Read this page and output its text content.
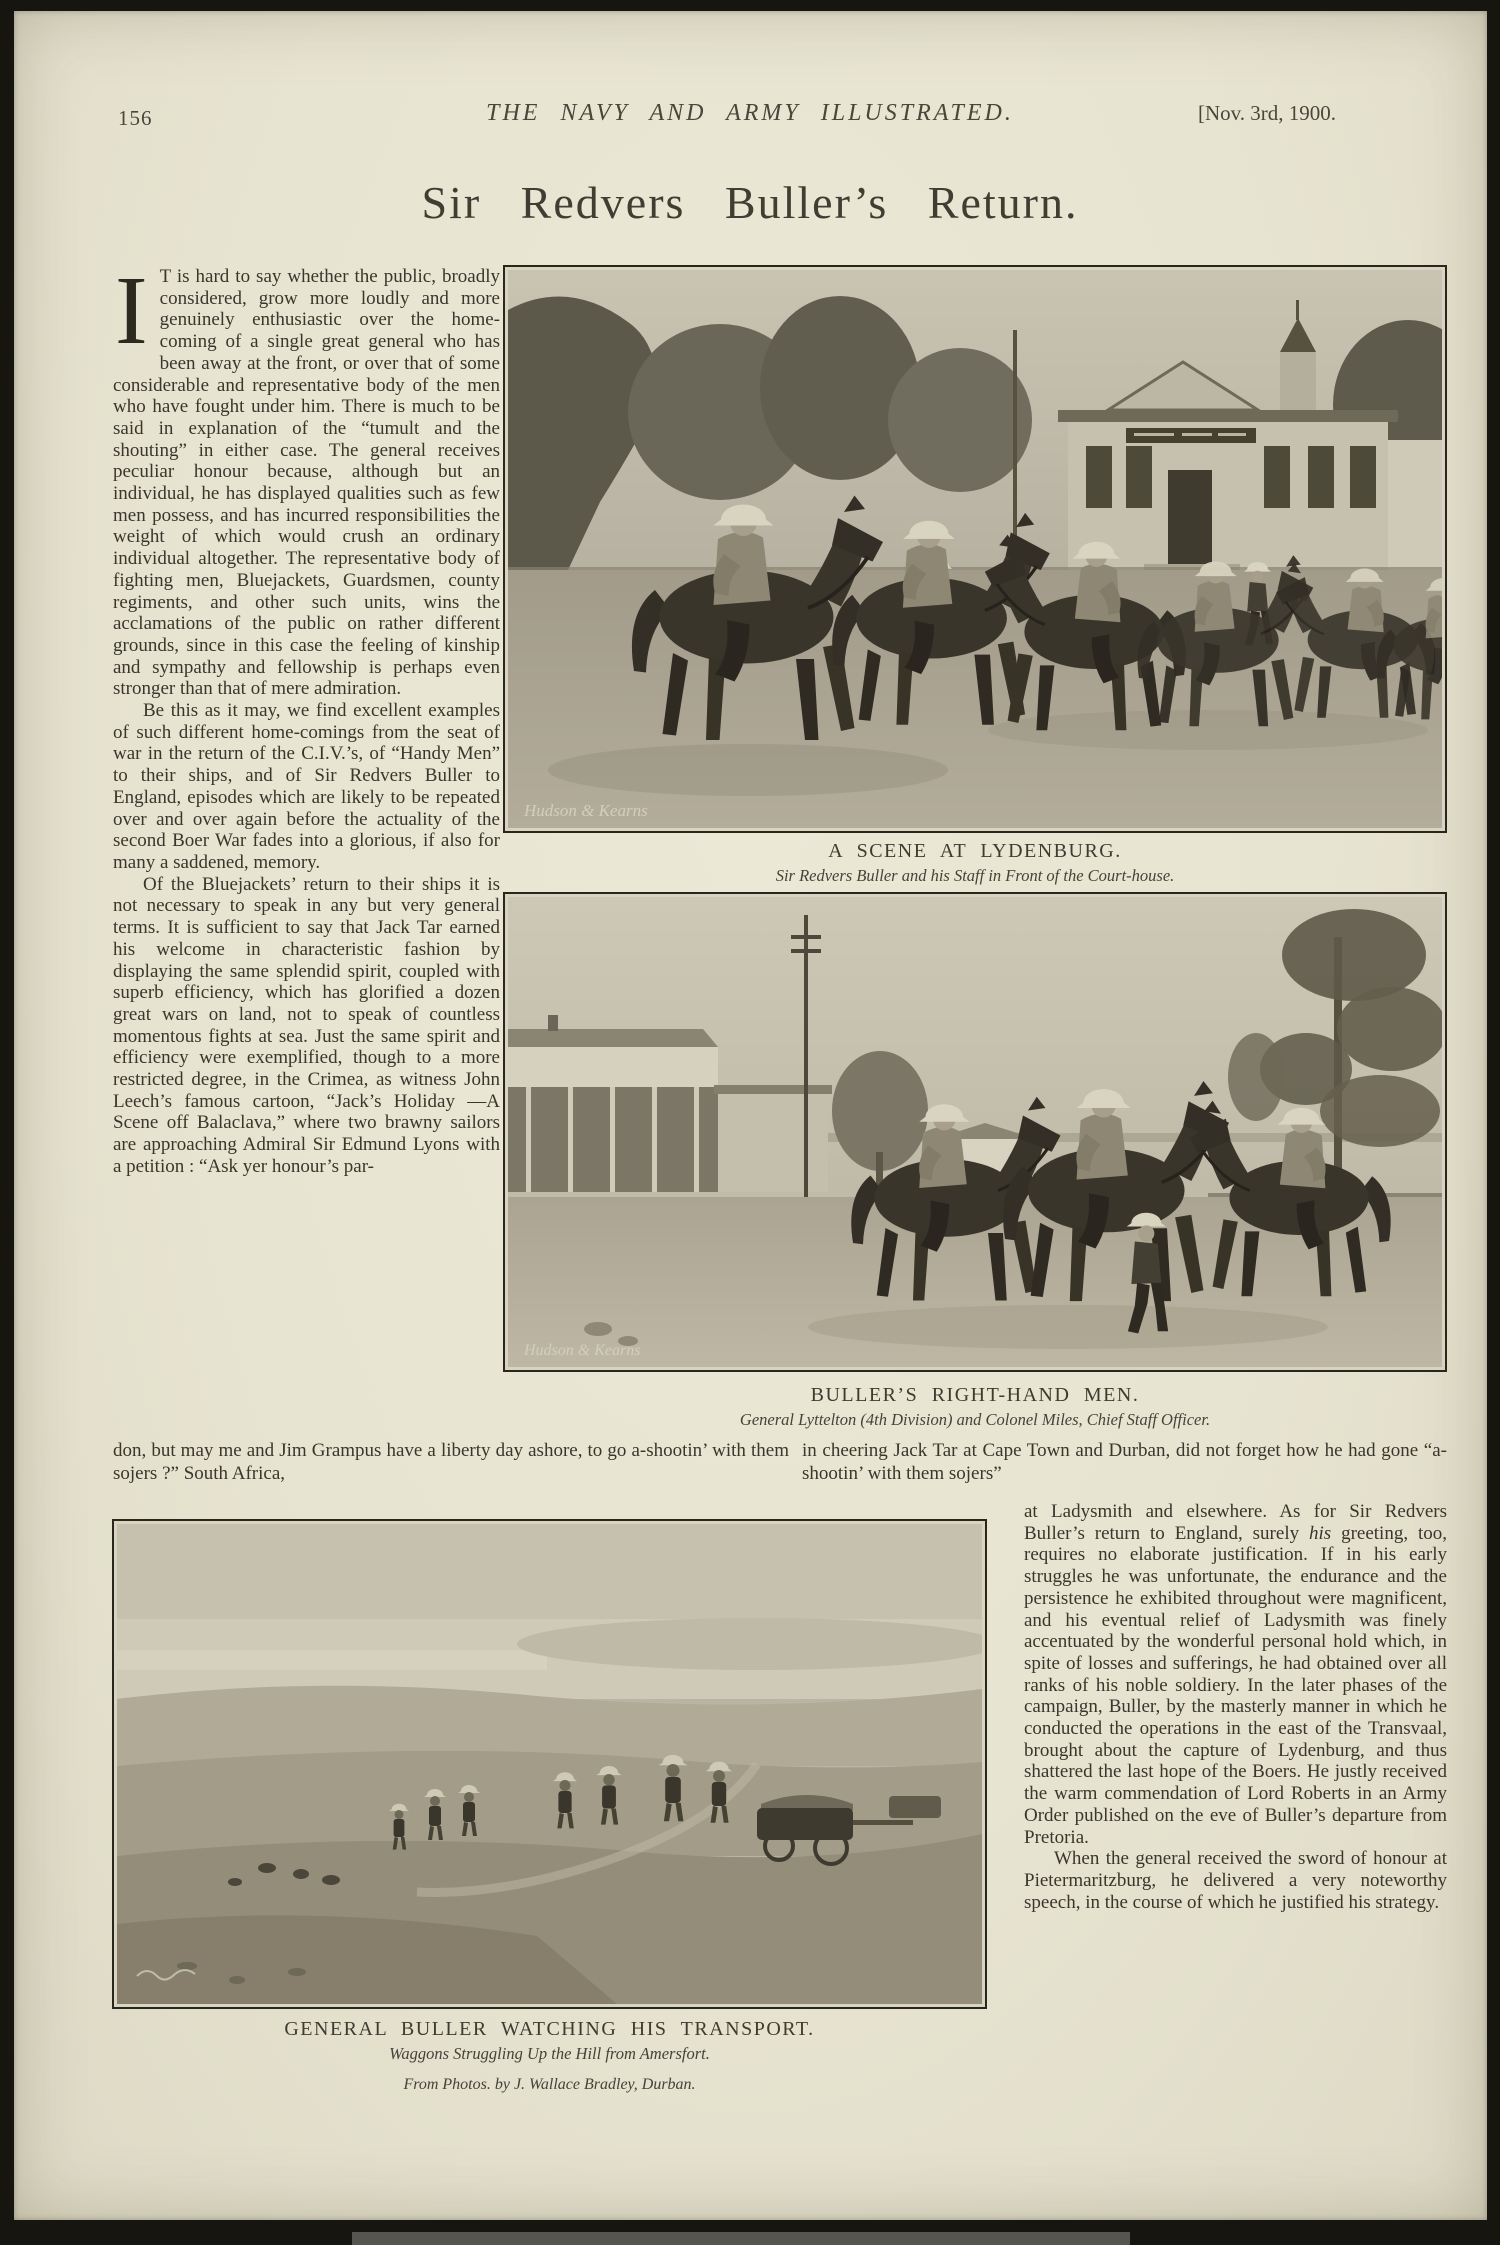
156	THE NAVY AND ARMY ILLUSTRATED.	[Nov. 3rd, 1900.
Sir Redvers Buller’s Return.

I T is hard to say whether the public, broadly considered, grow more loudly and more genuinely enthusiastic over the home-coming of a single great general who has been away at the front, or over that of some considerable and representative body of the men who have fought under him. There is much to be said in explanation of the “tumult and the shouting” in either case. The general receives peculiar honour because, although but an individual, he has displayed qualities such as few men possess, and has incurred responsibilities the weight of which would crush an ordinary individual altogether. The representative body of fighting men, Bluejackets, Guardsmen, county regiments, and other such units, wins the acclamations of the public on rather different grounds, since in this case the feeling of kinship and sympathy and fellowship is perhaps even stronger than that of mere admiration.

Be this as it may, we find excellent examples of such different home-comings from the seat of war in the return of the C.I.V.’s, of “Handy Men” to their ships, and of Sir Redvers Buller to England, episodes which are likely to be repeated over and over again before the actuality of the second Boer War fades into a glorious, if also for many a saddened, memory.

Of the Bluejackets’ return to their ships it is not necessary to speak in any but very general terms. It is sufficient to say that Jack Tar earned his welcome in characteristic fashion by displaying the same splendid spirit, coupled with superb efficiency, which has glorified a dozen great wars on land, not to speak of countless momentous fights at sea. Just the same spirit and efficiency were exemplified, though to a more restricted degree, in the Crimea, as witness John Leech’s famous cartoon, “Jack’s Holiday —A Scene off Balaclava,” where two brawny sailors are approaching Admiral Sir Edmund Lyons with a petition : “Ask yer honour’s par-

Hudson & Kearns
A SCENE AT LYDENBURG.
Sir Redvers Buller and his Staff in Front of the Court-house.
Hudson & Kearns
BULLER’S RIGHT-HAND MEN.
General Lyttelton (4th Division) and Colonel Miles, Chief Staff Officer.
don, but may me and Jim Grampus have a liberty day ashore, to go a-shootin’ with them sojers ?” South Africa,
in cheering Jack Tar at Cape Town and Durban, did not forget how he had gone “a-shootin’ with them sojers”

at Ladysmith and elsewhere. As for Sir Redvers Buller’s return to England, surely his greeting, too, requires no elaborate justification. If in his early struggles he was unfortunate, the endurance and the persistence he exhibited throughout were magnificent, and his eventual relief of Ladysmith was finely accentuated by the wonderful personal hold which, in spite of losses and sufferings, he had obtained over all ranks of his noble soldiery. In the later phases of the campaign, Buller, by the masterly manner in which he conducted the operations in the east of the Transvaal, brought about the capture of Lydenburg, and thus shattered the last hope of the Boers. He justly received the warm commendation of Lord Roberts in an Army Order published on the eve of Buller’s departure from Pretoria.

When the general received the sword of honour at Pietermaritzburg, he delivered a very noteworthy speech, in the course of which he justified his strategy.

GENERAL BULLER WATCHING HIS TRANSPORT.
Waggons Struggling Up the Hill from Amersfort.
From Photos. by J. Wallace Bradley, Durban.
